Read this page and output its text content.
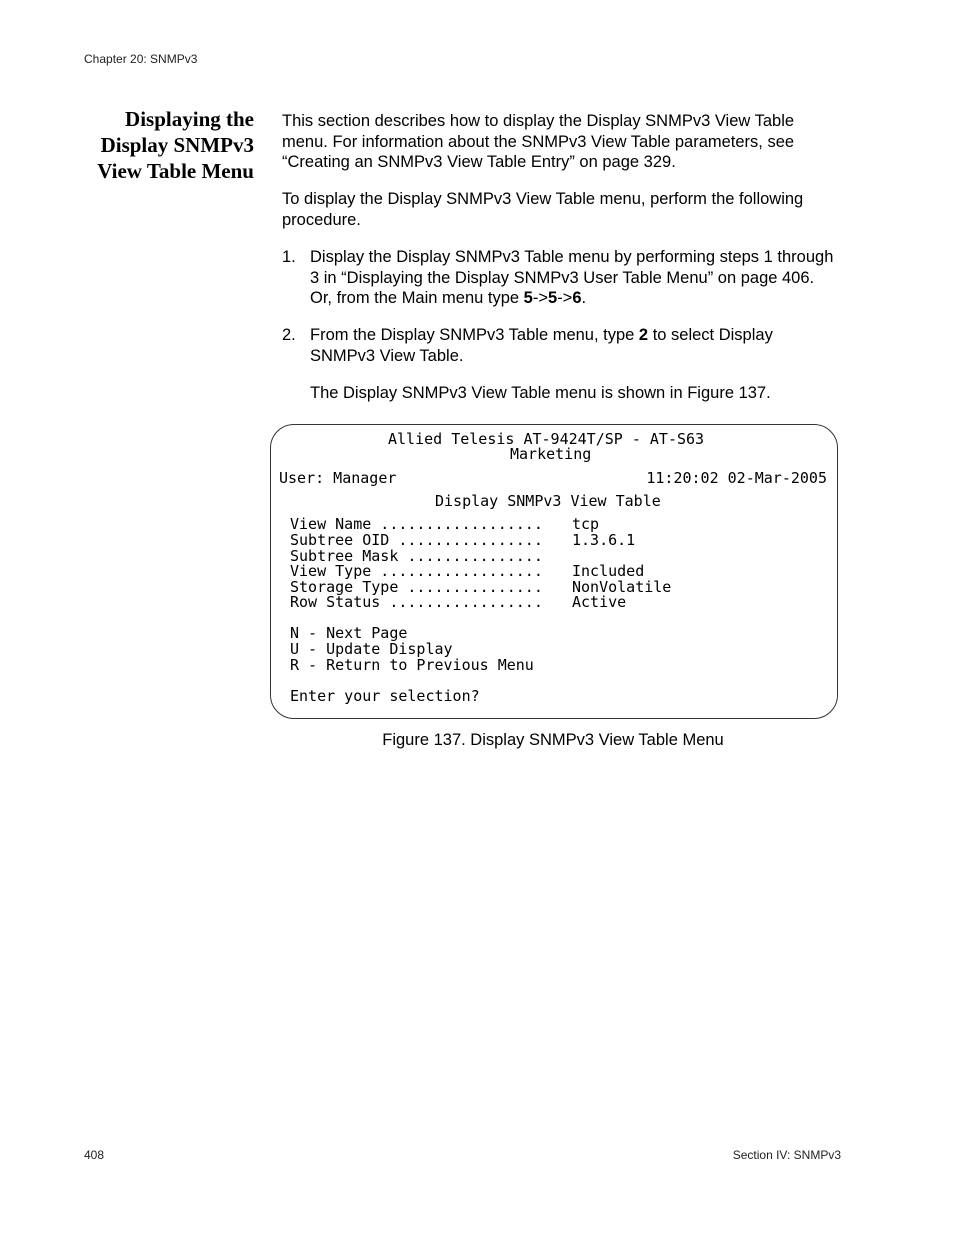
Chapter 20: SNMPv3
Displaying the
Display SNMPv3
View Table Menu
This section describes how to display the Display SNMPv3 View Table menu. For information about the SNMPv3 View Table parameters, see “Creating an SNMPv3 View Table Entry” on page 329.
To display the Display SNMPv3 View Table menu, perform the following procedure.
1. Display the Display SNMPv3 Table menu by performing steps 1 through 3 in “Displaying the Display SNMPv3 User Table Menu” on page 406. Or, from the Main menu type 5->5->6.
2. From the Display SNMPv3 Table menu, type 2 to select Display SNMPv3 View Table.
The Display SNMPv3 View Table menu is shown in Figure 137.
Allied Telesis AT-9424T/SP - AT-S63
Marketing
User: Manager	11:20:02 02-Mar-2005
Display SNMPv3 View Table
View Name .................. tcp
Subtree OID ................ 1.3.6.1
Subtree Mask ...............
View Type .................. Included
Storage Type ............... NonVolatile
Row Status ................. Active
N - Next Page
U - Update Display
R - Return to Previous Menu
Enter your selection?
Figure 137. Display SNMPv3 View Table Menu
408	Section IV: SNMPv3
